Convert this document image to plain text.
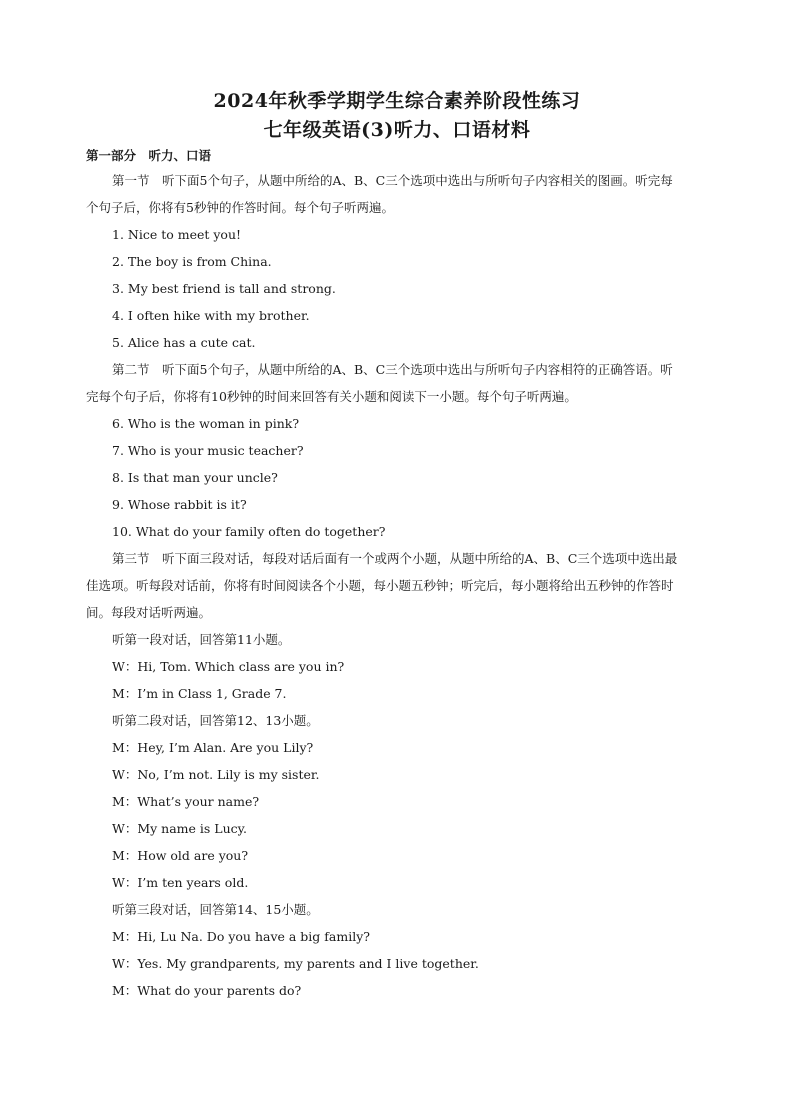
2024年秋季学期学生综合素养阶段性练习
七年级英语(3)听力、口语材料
第一部分　听力、口语
第一节　听下面5个句子，从题中所给的A、B、C三个选项中选出与所听句子内容相关的图画。听完每
个句子后，你将有5秒钟的作答时间。每个句子听两遍。
1. Nice to meet you!
2. The boy is from China.
3. My best friend is tall and strong.
4. I often hike with my brother.
5. Alice has a cute cat.
第二节　听下面5个句子，从题中所给的A、B、C三个选项中选出与所听句子内容相符的正确答语。听
完每个句子后，你将有10秒钟的时间来回答有关小题和阅读下一小题。每个句子听两遍。
6. Who is the woman in pink?
7. Who is your music teacher?
8. Is that man your uncle?
9. Whose rabbit is it?
10. What do your family often do together?
第三节　听下面三段对话，每段对话后面有一个或两个小题，从题中所给的A、B、C三个选项中选出最
佳选项。听每段对话前，你将有时间阅读各个小题，每小题五秒钟；听完后，每小题将给出五秒钟的作答时
间。每段对话听两遍。
听第一段对话，回答第11小题。
W：Hi, Tom. Which class are you in?
M：I’m in Class 1, Grade 7.
听第二段对话，回答第12、13小题。
M：Hey, I’m Alan. Are you Lily?
W：No, I’m not. Lily is my sister.
M：What’s your name?
W：My name is Lucy.
M：How old are you?
W：I’m ten years old.
听第三段对话，回答第14、15小题。
M：Hi, Lu Na. Do you have a big family?
W：Yes. My grandparents, my parents and I live together.
M：What do your parents do?
